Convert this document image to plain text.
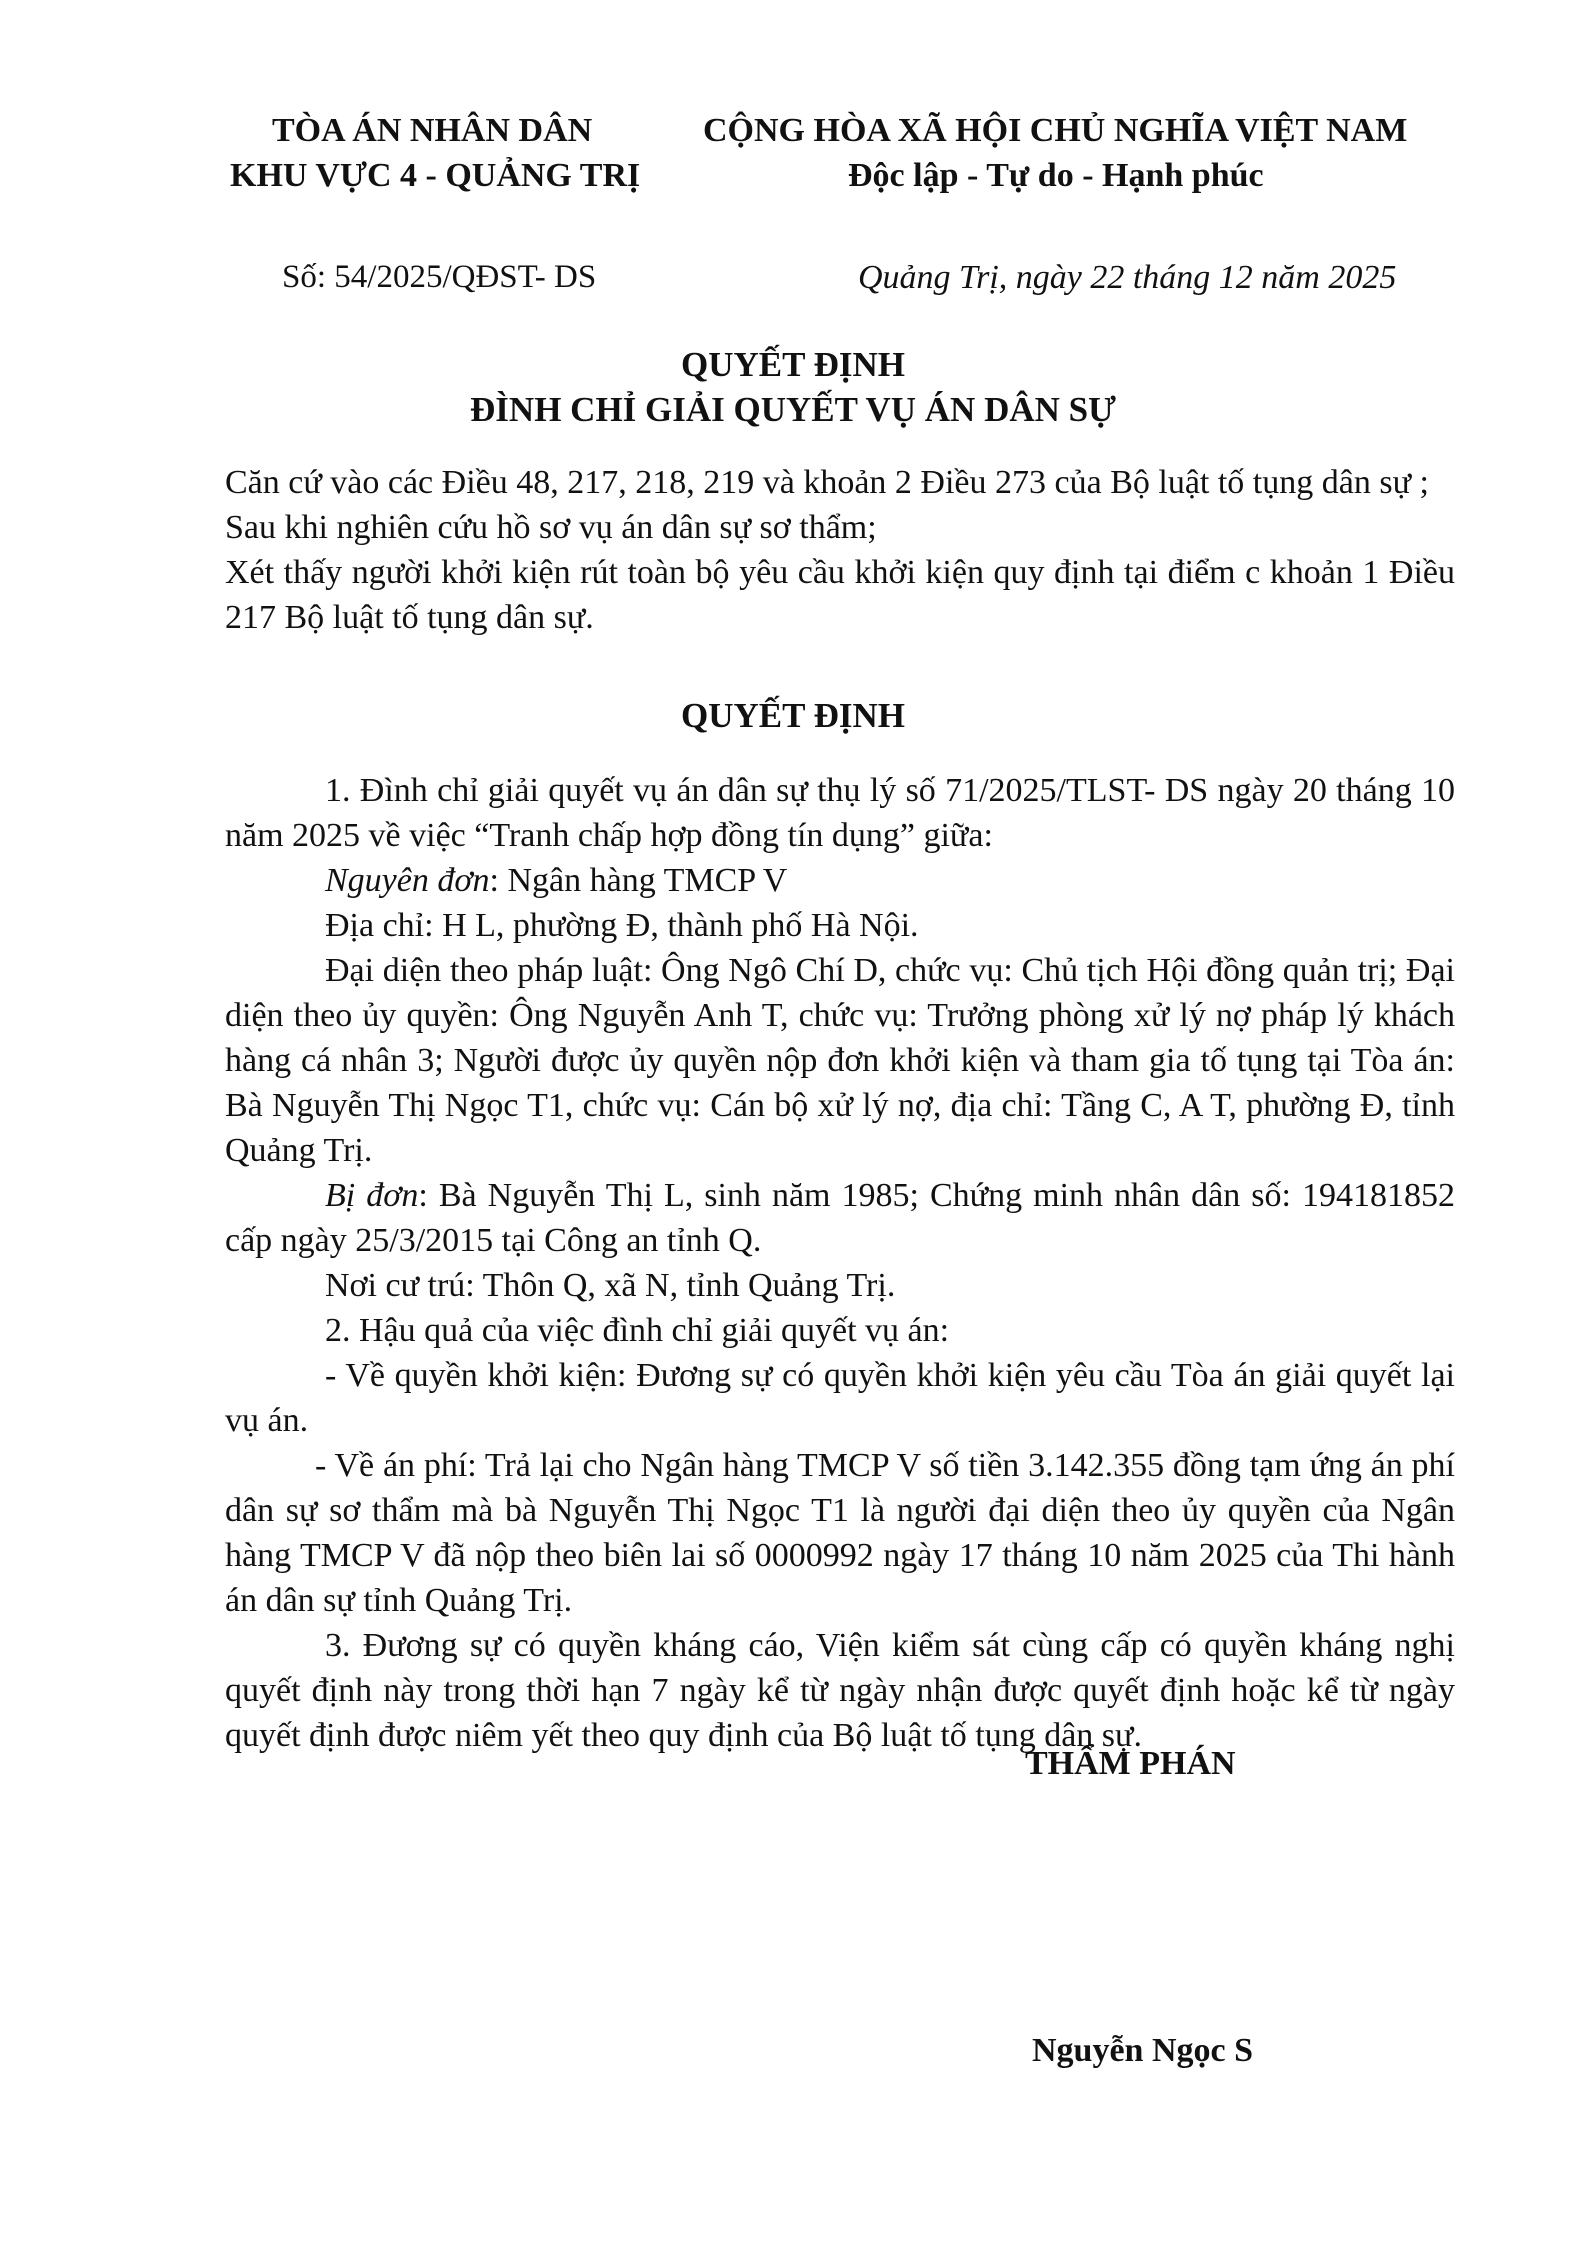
TÒA ÁN NHÂN DÂN
KHU VỰC 4 - QUẢNG TRỊ
CỘNG HÒA XÃ HỘI CHỦ NGHĨA VIỆT NAM
Độc lập - Tự do - Hạnh phúc
Số: 54/2025/QĐST- DS	Quảng Trị, ngày 22 tháng 12 năm 2025
QUYẾT ĐỊNH
ĐÌNH CHỈ GIẢI QUYẾT VỤ ÁN DÂN SỰ

Căn cứ vào các Điều 48, 217, 218, 219 và khoản 2 Điều 273 của Bộ luật tố tụng dân sự ;

Sau khi nghiên cứu hồ sơ vụ án dân sự sơ thẩm;

Xét thấy người khởi kiện rút toàn bộ yêu cầu khởi kiện quy định tại điểm c khoản 1 Điều 217 Bộ luật tố tụng dân sự.

QUYẾT ĐỊNH

1. Đình chỉ giải quyết vụ án dân sự thụ lý số 71/2025/TLST- DS ngày 20 tháng 10 năm 2025 về việc “Tranh chấp hợp đồng tín dụng” giữa:

Nguyên đơn: Ngân hàng TMCP V

Địa chỉ: H L, phường Đ, thành phố Hà Nội.

Đại diện theo pháp luật: Ông Ngô Chí D, chức vụ: Chủ tịch Hội đồng quản trị; Đại diện theo ủy quyền: Ông Nguyễn Anh T, chức vụ: Trưởng phòng xử lý nợ pháp lý khách hàng cá nhân 3; Người được ủy quyền nộp đơn khởi kiện và tham gia tố tụng tại Tòa án: Bà Nguyễn Thị Ngọc T1, chức vụ: Cán bộ xử lý nợ, địa chỉ: Tầng C, A T, phường Đ, tỉnh Quảng Trị.

Bị đơn: Bà Nguyễn Thị L, sinh năm 1985; Chứng minh nhân dân số: 194181852 cấp ngày 25/3/2015 tại Công an tỉnh Q.

Nơi cư trú: Thôn Q, xã N, tỉnh Quảng Trị.

2. Hậu quả của việc đình chỉ giải quyết vụ án:

- Về quyền khởi kiện: Đương sự có quyền khởi kiện yêu cầu Tòa án giải quyết lại vụ án.

- Về án phí: Trả lại cho Ngân hàng TMCP V số tiền 3.142.355 đồng tạm ứng án phí dân sự sơ thẩm mà bà Nguyễn Thị Ngọc T1 là người đại diện theo ủy quyền của Ngân hàng TMCP V đã nộp theo biên lai số 0000992 ngày 17 tháng 10 năm 2025 của Thi hành án dân sự tỉnh Quảng Trị.

3. Đương sự có quyền kháng cáo, Viện kiểm sát cùng cấp có quyền kháng nghị quyết định này trong thời hạn 7 ngày kể từ ngày nhận được quyết định hoặc kể từ ngày quyết định được niêm yết theo quy định của Bộ luật tố tụng dân sự.

THẨM PHÁN
Nguyễn Ngọc S
